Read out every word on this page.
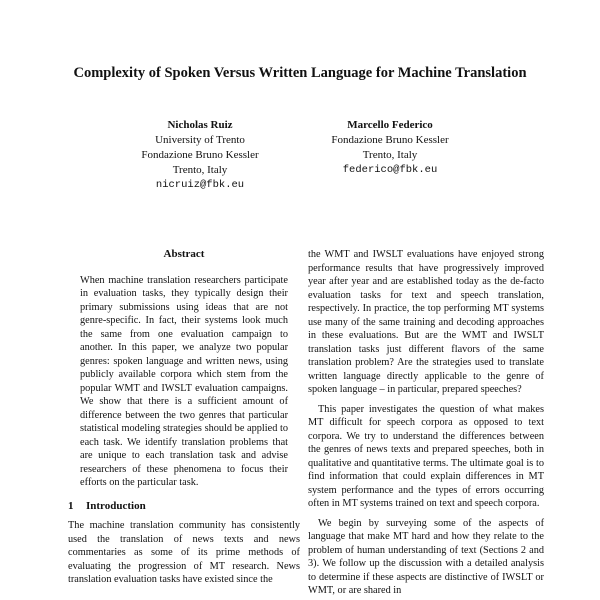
Complexity of Spoken Versus Written Language for Machine Translation
Nicholas Ruiz
University of Trento
Fondazione Bruno Kessler
Trento, Italy
nicruiz@fbk.eu
Marcello Federico
Fondazione Bruno Kessler
Trento, Italy
federico@fbk.eu
Abstract

When machine translation researchers participate in evaluation tasks, they typically design their primary submissions using ideas that are not genre-specific. In fact, their systems look much the same from one evaluation campaign to another. In this paper, we analyze two popular genres: spoken language and written news, using publicly available corpora which stem from the popular WMT and IWSLT evaluation campaigns. We show that there is a sufficient amount of difference between the two genres that particular statistical modeling strategies should be applied to each task. We identify translation problems that are unique to each translation task and advise researchers of these phenomena to focus their efforts on the particular task.

1 Introduction

The machine translation community has consistently used the translation of news texts and news commentaries as some of its prime methods of evaluating the progression of MT research. News translation evaluation tasks have existed since the

the WMT and IWSLT evaluations have enjoyed strong performance results that have progressively improved year after year and are established today as the de-facto evaluation tasks for text and speech translation, respectively. In practice, the top performing MT systems use many of the same training and decoding approaches in these evaluations. But are the WMT and IWSLT translation tasks just different flavors of the same translation problem? Are the strategies used to translate written language directly applicable to the genre of spoken language – in particular, prepared speeches?

This paper investigates the question of what makes MT difficult for speech corpora as opposed to text corpora. We try to understand the differences between the genres of news texts and prepared speeches, both in qualitative and quantitative terms. The ultimate goal is to find information that could explain differences in MT system performance and the types of errors occurring often in MT systems trained on text and speech corpora.

We begin by surveying some of the aspects of language that make MT hard and how they relate to the problem of human understanding of text (Sections 2 and 3). We follow up the discussion with a detailed analysis to determine if these aspects are distinctive of IWSLT or WMT, or are shared in
